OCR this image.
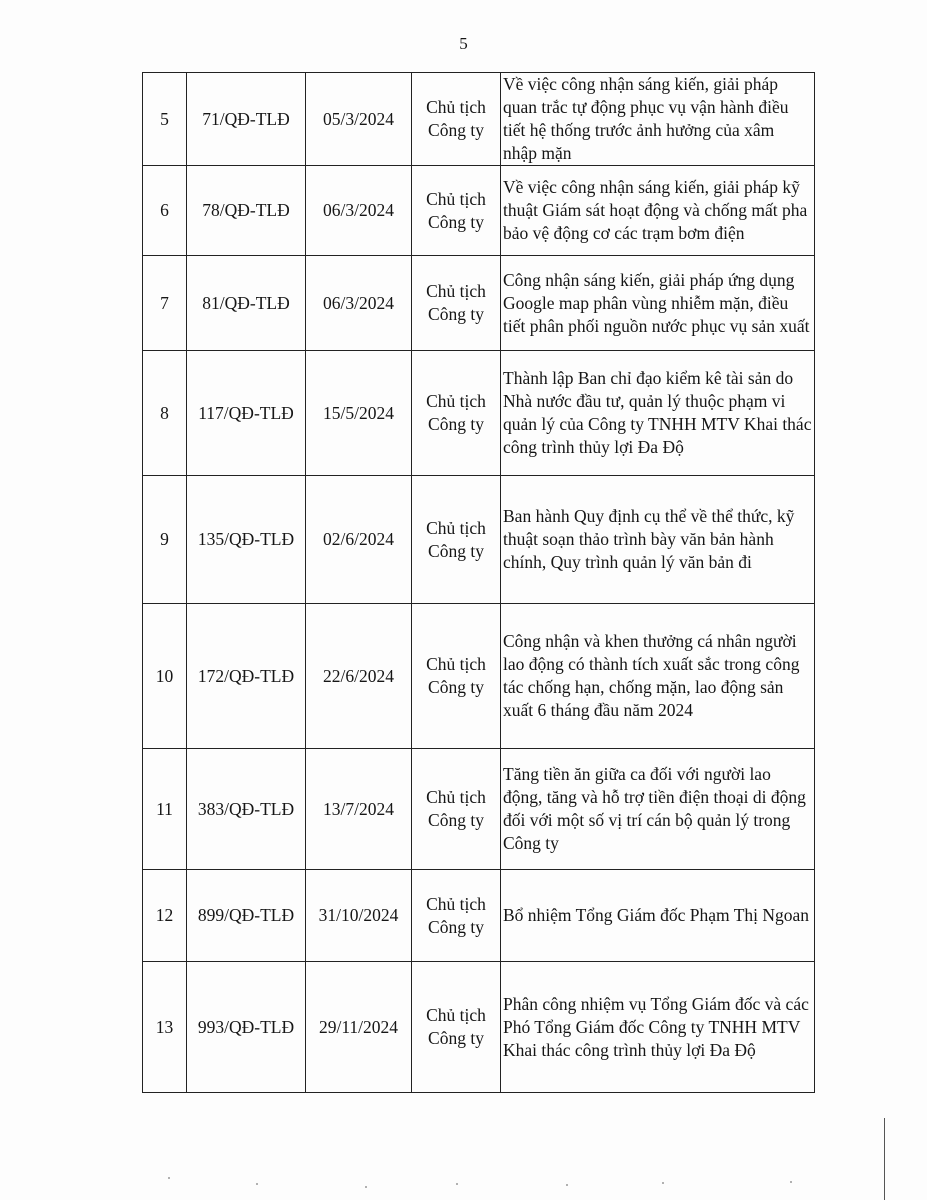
5
5	71/QĐ-TLĐ	05/3/2024	Chủ tịch Công ty	Về việc công nhận sáng kiến, giải pháp quan trắc tự động phục vụ vận hành điều tiết hệ thống trước ảnh hưởng của xâm nhập mặn
6	78/QĐ-TLĐ	06/3/2024	Chủ tịch Công ty	Về việc công nhận sáng kiến, giải pháp kỹ thuật Giám sát hoạt động và chống mất pha bảo vệ động cơ các trạm bơm điện
7	81/QĐ-TLĐ	06/3/2024	Chủ tịch Công ty	Công nhận sáng kiến, giải pháp ứng dụng Google map phân vùng nhiễm mặn, điều tiết phân phối nguồn nước phục vụ sản xuất
8	117/QĐ-TLĐ	15/5/2024	Chủ tịch Công ty	Thành lập Ban chỉ đạo kiểm kê tài sản do Nhà nước đầu tư, quản lý thuộc phạm vi quản lý của Công ty TNHH MTV Khai thác công trình thủy lợi Đa Độ
9	135/QĐ-TLĐ	02/6/2024	Chủ tịch Công ty	Ban hành Quy định cụ thể về thể thức, kỹ thuật soạn thảo trình bày văn bản hành chính, Quy trình quản lý văn bản đi
10	172/QĐ-TLĐ	22/6/2024	Chủ tịch Công ty	Công nhận và khen thưởng cá nhân người lao động có thành tích xuất sắc trong công tác chống hạn, chống mặn, lao động sản xuất 6 tháng đầu năm 2024
11	383/QĐ-TLĐ	13/7/2024	Chủ tịch Công ty	Tăng tiền ăn giữa ca đối với người lao động, tăng và hỗ trợ tiền điện thoại di động đối với một số vị trí cán bộ quản lý trong Công ty
12	899/QĐ-TLĐ	31/10/2024	Chủ tịch Công ty	Bổ nhiệm Tổng Giám đốc Phạm Thị Ngoan
13	993/QĐ-TLĐ	29/11/2024	Chủ tịch Công ty	Phân công nhiệm vụ Tổng Giám đốc và các Phó Tổng Giám đốc Công ty TNHH MTV Khai thác công trình thủy lợi Đa Độ
